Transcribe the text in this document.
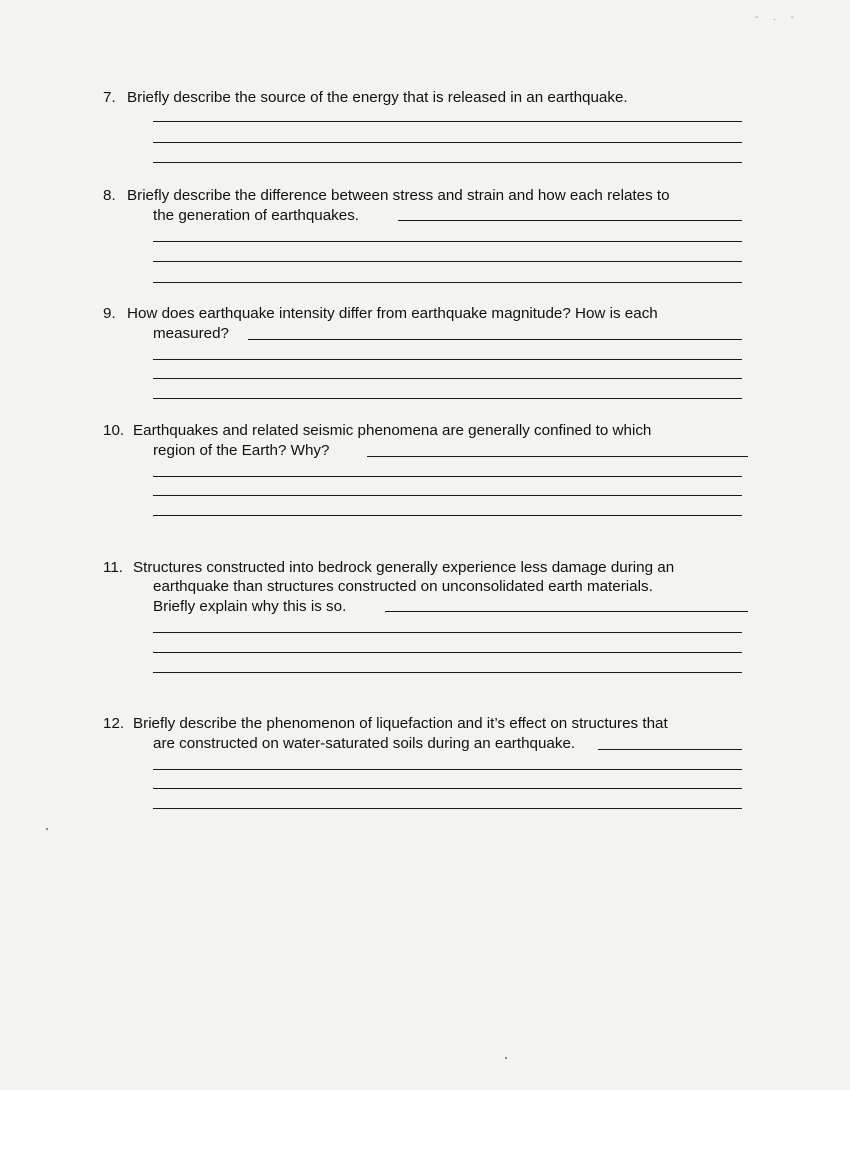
- . -

7. Briefly describe the source of the energy that is released in an earthquake.

8. Briefly describe the difference between stress and strain and how each relates to

the generation of earthquakes.

9. How does earthquake intensity differ from earthquake magnitude? How is each

measured?

10. Earthquakes and related seismic phenomena are generally confined to which

region of the Earth? Why?

11. Structures constructed into bedrock generally experience less damage during an

earthquake than structures constructed on unconsolidated earth materials.

Briefly explain why this is so.

12. Briefly describe the phenomenon of liquefaction and it’s effect on structures that

are constructed on water-saturated soils during an earthquake.
